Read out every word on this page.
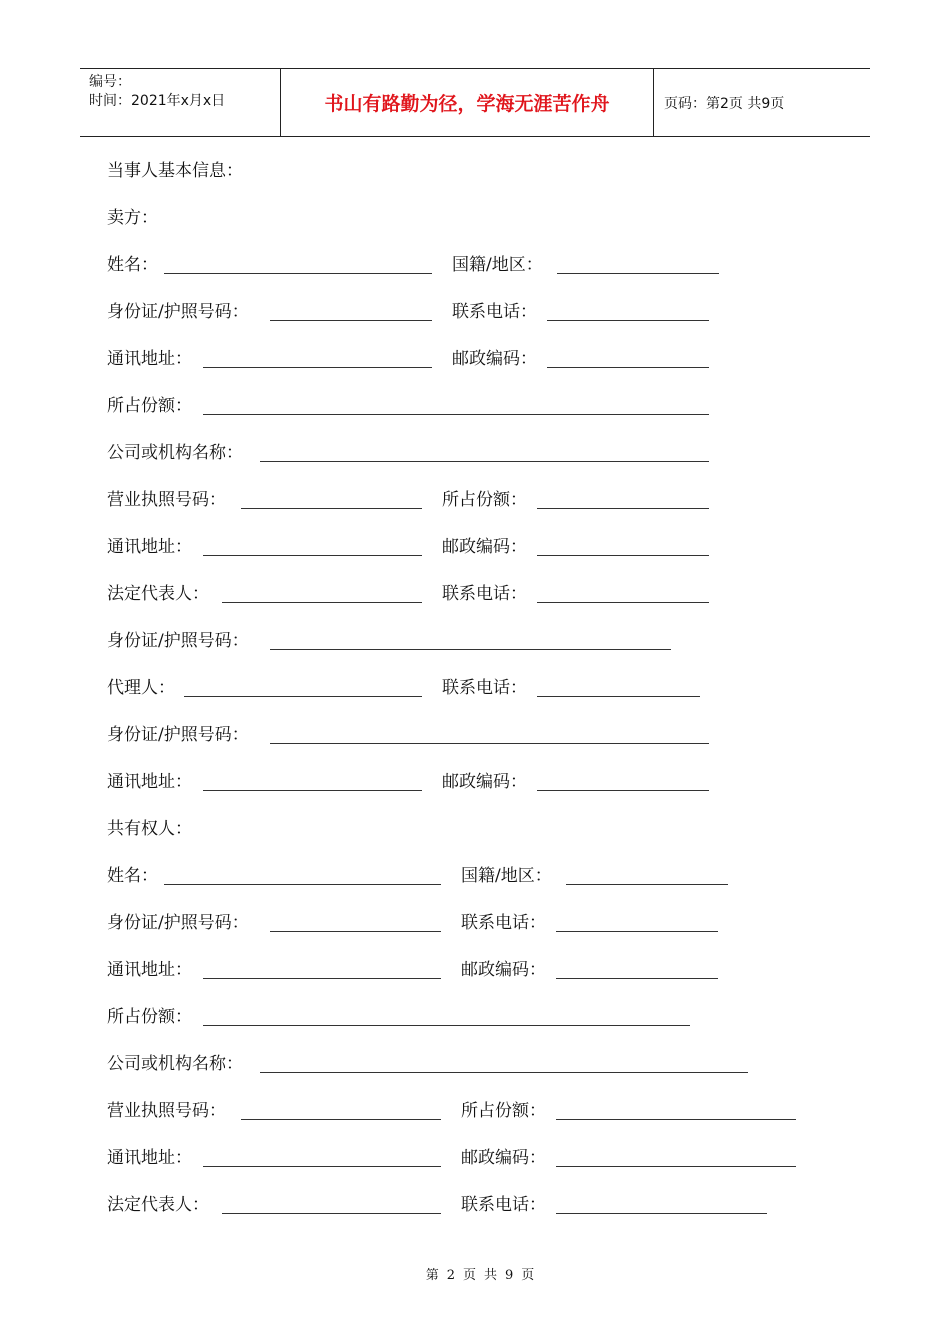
编号：
时间：2021年x月x日	书山有路勤为径，学海无涯苦作舟	页码：第2页 共9页
当事人基本信息：
卖方：
姓名：	国籍/地区：
身份证/护照号码：	联系电话：
通讯地址：	邮政编码：
所占份额：
公司或机构名称：
营业执照号码：	所占份额：
通讯地址：	邮政编码：
法定代表人：	联系电话：
身份证/护照号码：
代理人：	联系电话：
身份证/护照号码：
通讯地址：	邮政编码：
共有权人：
姓名：	国籍/地区：
身份证/护照号码：	联系电话：
通讯地址：	邮政编码：
所占份额：
公司或机构名称：
营业执照号码：	所占份额：
通讯地址：	邮政编码：
法定代表人：	联系电话：
第 2 页 共 9 页
